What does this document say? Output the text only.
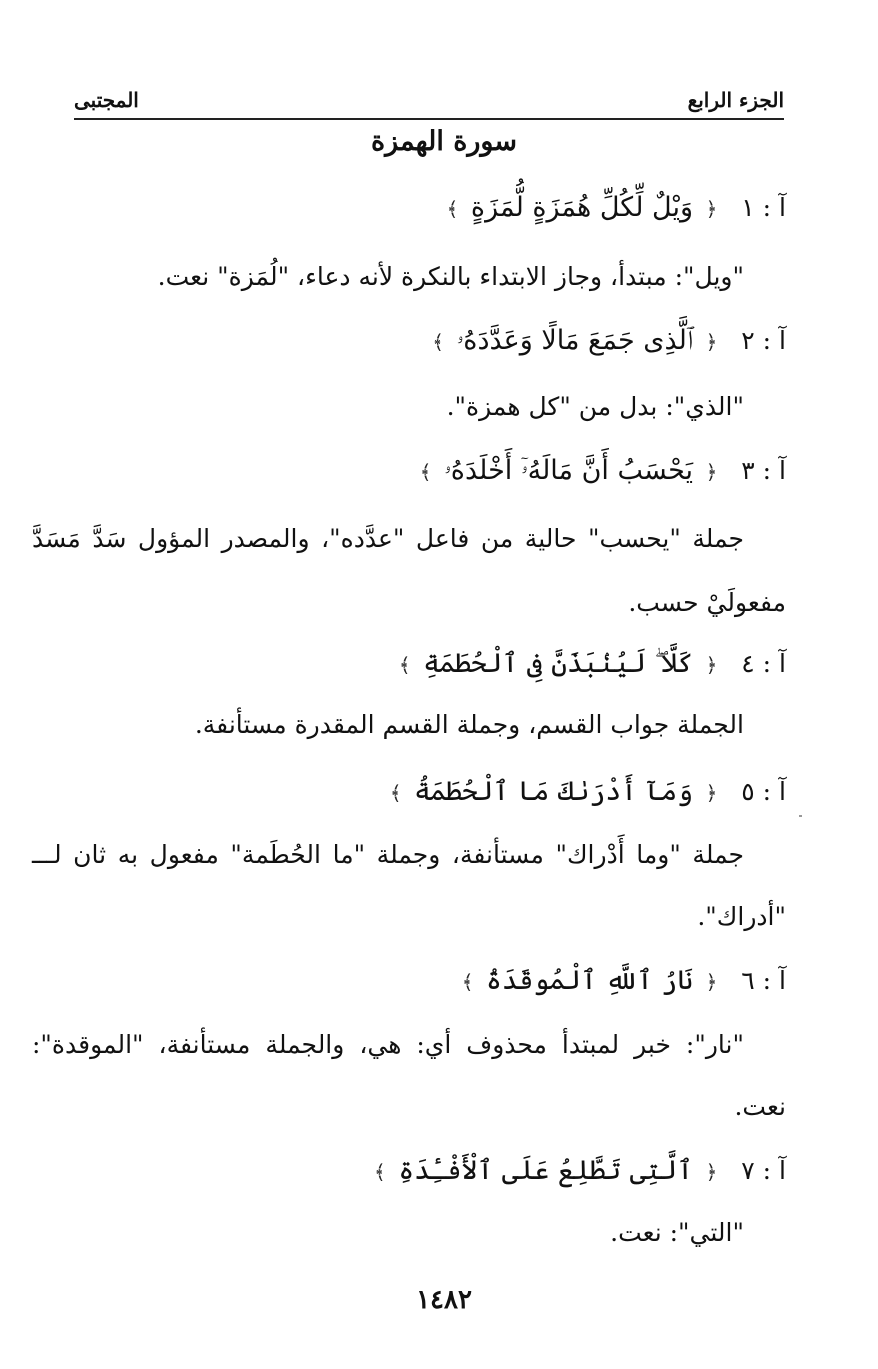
الجزء الرابع
المجتبى
سورة الهمزة
آ : ١ ﴿ وَيْلٌ لِّكُلِّ هُمَزَةٍ لُّمَزَةٍ ﴾
"ويل": مبتدأ، وجاز الابتداء بالنكرة لأنه دعاء، "لُمَزة" نعت.
آ : ٢ ﴿ ٱلَّذِى جَمَعَ مَالًا وَعَدَّدَهُۥ ﴾
"الذي": بدل من "كل همزة".
آ : ٣ ﴿ يَحْسَبُ أَنَّ مَالَهُۥٓ أَخْلَدَهُۥ ﴾
جملة "يحسب" حالية من فاعل "عدَّده"، والمصدر المؤول سَدَّ مَسَدَّ
مفعولَيْ حسب.
آ : ٤ ﴿ كَلَّا ۖ لَيُنۢبَذَنَّ فِى ٱلْحُطَمَةِ ﴾
الجملة جواب القسم، وجملة القسم المقدرة مستأنفة.
آ : ٥ ﴿ وَمَآ أَدْرَىٰكَ مَا ٱلْحُطَمَةُ ﴾
جملة "وما أَدْراك" مستأنفة، وجملة "ما الحُطَمة" مفعول به ثان لـــ
"أدراك".
آ : ٦ ﴿ نَارُ ٱللَّهِ ٱلْمُوقَدَةُ ﴾
"نار": خبر لمبتدأ محذوف أي: هي، والجملة مستأنفة، "الموقدة":
نعت.
آ : ٧ ﴿ ٱلَّتِى تَطَّلِعُ عَلَى ٱلْأَفْـِٔدَةِ ﴾
"التي": نعت.
١٤٨٢
